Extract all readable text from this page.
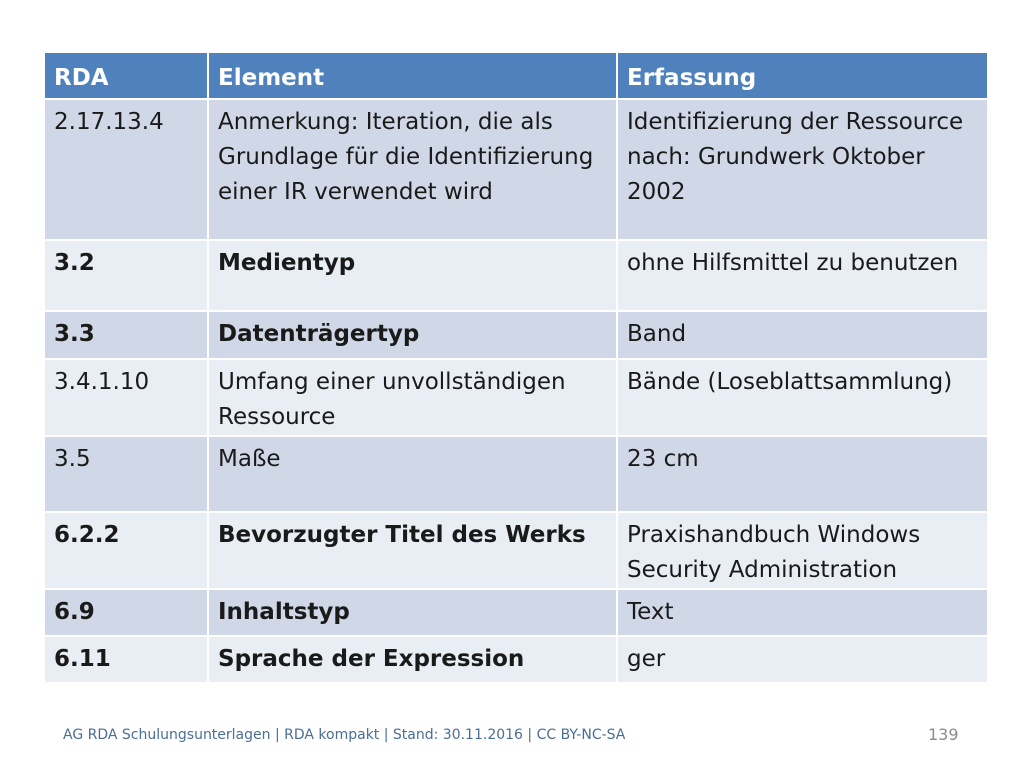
RDA	Element	Erfassung
2.17.13.4	Anmerkung: Iteration, die als Grundlage für die Identifizierung einer IR verwendet wird	Identifizierung der Ressource nach: Grundwerk Oktober 2002
3.2	Medientyp	ohne Hilfsmittel zu benutzen
3.3	Datenträgertyp	Band
3.4.1.10	Umfang einer unvollständigen Ressource	Bände (Loseblattsammlung)
3.5	Maße	23 cm
6.2.2	Bevorzugter Titel des Werks	Praxishandbuch Windows Security Administration
6.9	Inhaltstyp	Text
6.11	Sprache der Expression	ger
AG RDA Schulungsunterlagen | RDA kompakt | Stand: 30.11.2016 | CC BY-NC-SA	139
